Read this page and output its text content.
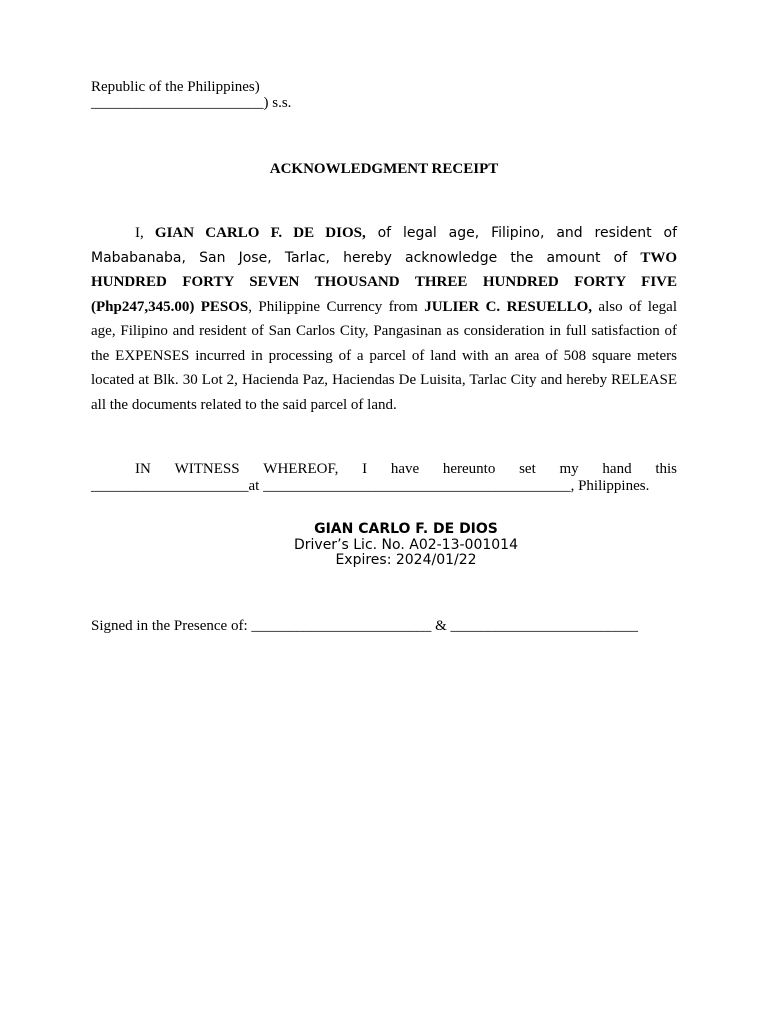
Republic of the Philippines)
_______________________) s.s.
ACKNOWLEDGMENT RECEIPT
I, GIAN CARLO F. DE DIOS, of legal age, Filipino, and resident of Mababanaba, San Jose, Tarlac, hereby acknowledge the amount of TWO HUNDRED FORTY SEVEN THOUSAND THREE HUNDRED FORTY FIVE (Php247,345.00) PESOS, Philippine Currency from JULIER C. RESUELLO, also of legal age, Filipino and resident of San Carlos City, Pangasinan as consideration in full satisfaction of the EXPENSES incurred in processing of a parcel of land with an area of 508 square meters located at Blk. 30 Lot 2, Hacienda Paz, Haciendas De Luisita, Tarlac City and hereby RELEASE all the documents related to the said parcel of land.
IN WITNESS WHEREOF, I have hereunto set my hand this
_____________________at _________________________________________, Philippines.
GIAN CARLO F. DE DIOS
Driver’s Lic. No. A02-13-001014
Expires: 2024/01/22
Signed in the Presence of: ________________________ & _________________________
